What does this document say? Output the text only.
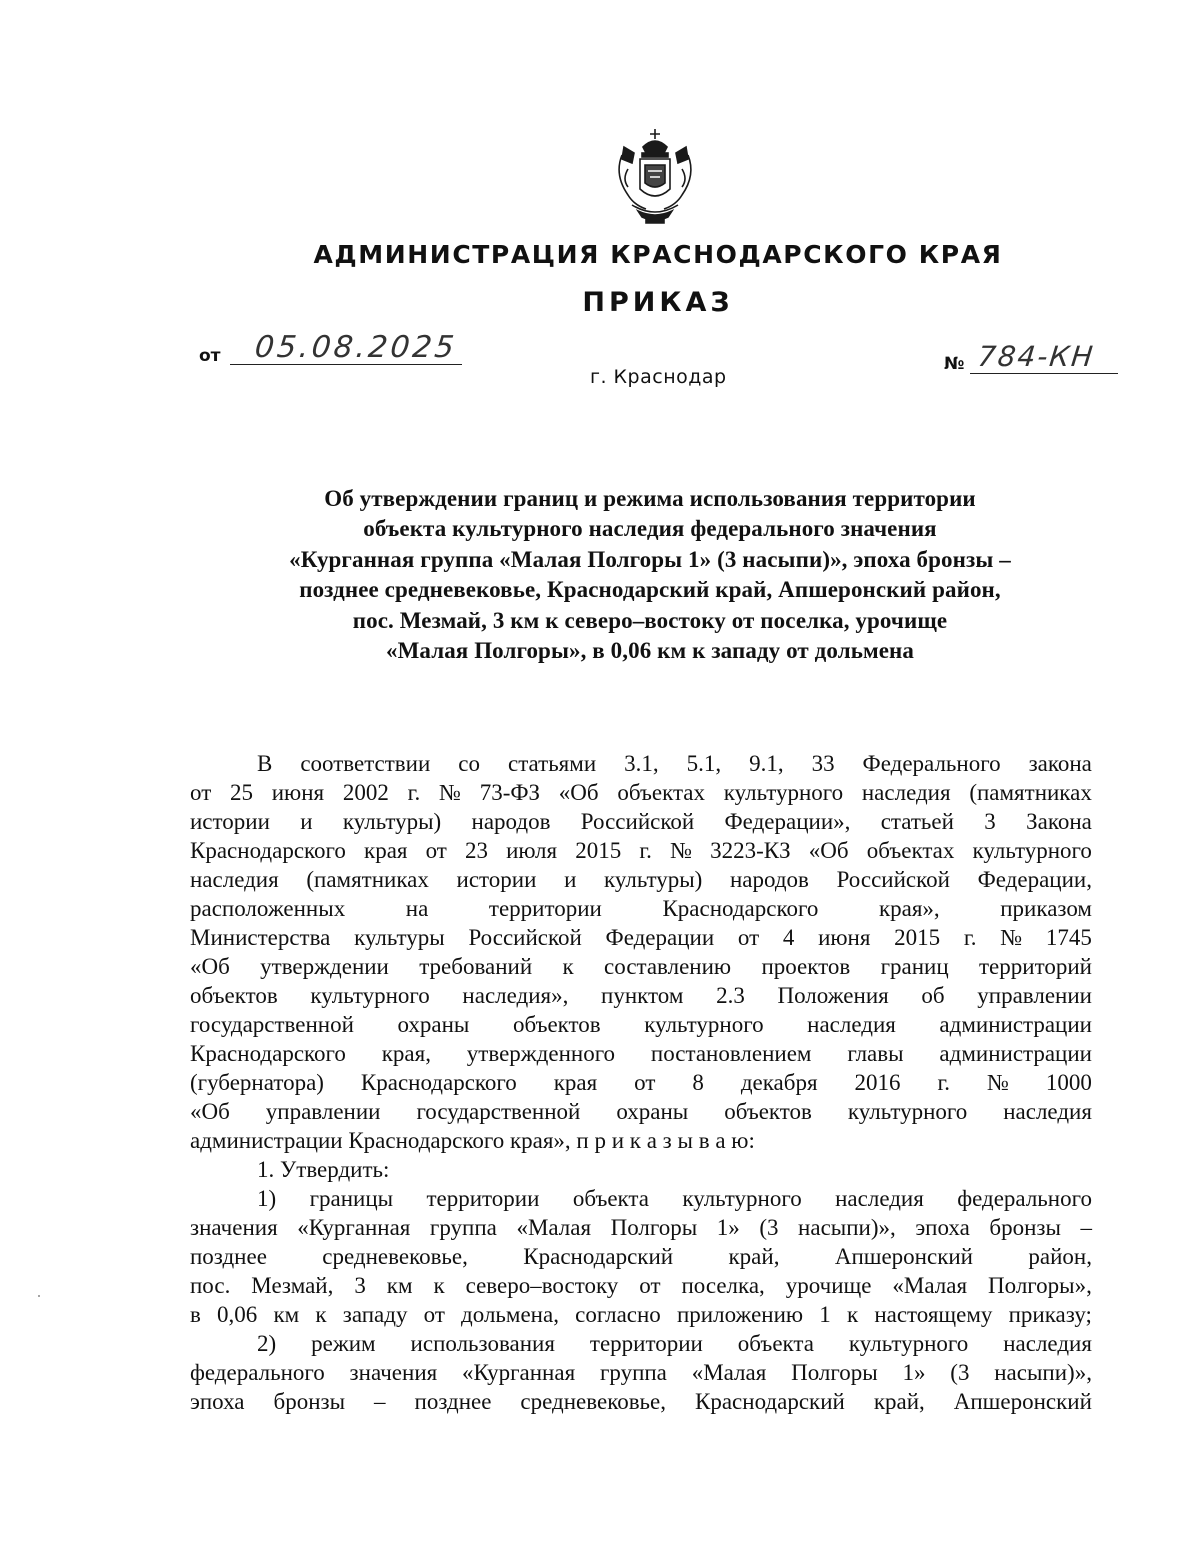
АДМИНИСТРАЦИЯ КРАСНОДАРСКОГО КРАЯ
ПРИКАЗ
от 05.08.2025
г. Краснодар
№ 784-КН
Об утверждении границ и режима использования территории
объекта культурного наследия федерального значения
«Курганная группа «Малая Полгоры 1» (3 насыпи)», эпоха бронзы –
позднее средневековье, Краснодарский край, Апшеронский район,
пос. Мезмай, 3 км к северо–востоку от поселка, урочище
«Малая Полгоры», в 0,06 км к западу от дольмена
В соответствии со статьями 3.1, 5.1, 9.1, 33 Федерального закона
от 25 июня 2002 г. № 73-ФЗ «Об объектах культурного наследия (памятниках
истории и культуры) народов Российской Федерации», статьей 3 Закона
Краснодарского края от 23 июля 2015 г. № 3223-КЗ «Об объектах культурного
наследия (памятниках истории и культуры) народов Российской Федерации,
расположенных	на	территории	Краснодарского	края»,	приказом
Министерства культуры Российской Федерации от 4 июня 2015 г. № 1745
«Об утверждении требований к составлению проектов границ территорий
объектов культурного наследия», пунктом 2.3 Положения об управлении
государственной охраны объектов культурного наследия администрации
Краснодарского края, утвержденного постановлением главы администрации
(губернатора) Краснодарского края от 8 декабря 2016 г. № 1000
«Об управлении государственной охраны объектов культурного наследия
администрации Краснодарского края», п р и к а з ы в а ю:
1. Утвердить:
1) границы территории объекта культурного наследия федерального
значения «Курганная группа «Малая Полгоры 1» (3 насыпи)», эпоха бронзы –
позднее средневековье, Краснодарский край, Апшеронский район,
пос. Мезмай, 3 км к северо–востоку от поселка, урочище «Малая Полгоры»,
в 0,06 км к западу от дольмена, согласно приложению 1 к настоящему приказу;
2) режим использования территории объекта культурного наследия
федерального значения «Курганная группа «Малая Полгоры 1» (3 насыпи)»,
эпоха бронзы – позднее средневековье, Краснодарский край, Апшеронский
